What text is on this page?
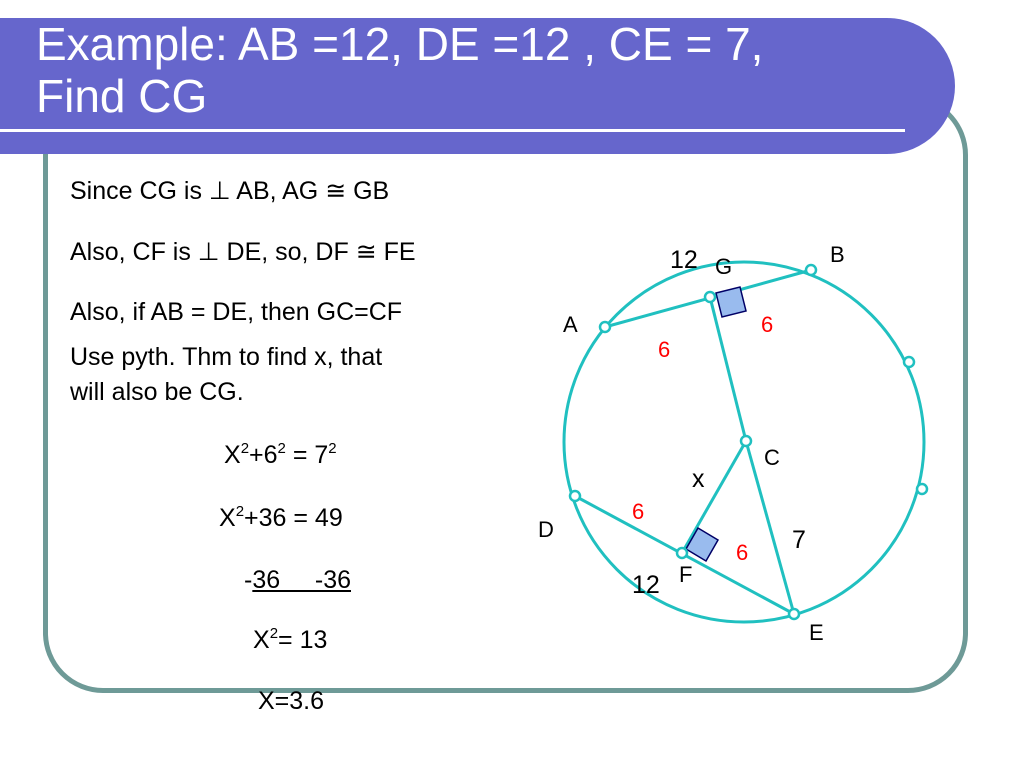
Example: AB =12, DE =12 , CE = 7,
Find CG
Since CG is ⊥ AB, AG ≅ GB
Also, CF is ⊥ DE, so, DF ≅ FE
Also, if AB = DE, then GC=CF
Use pyth. Thm to find x, that
will also be CG.
$X^2+6^2 = 7^2$
$X^2+36 = 49$
-36     -36
$X^2= 13$
X=3.6
A
B
G
C
D
E
F
12
12
7
x
6
6
6
6
